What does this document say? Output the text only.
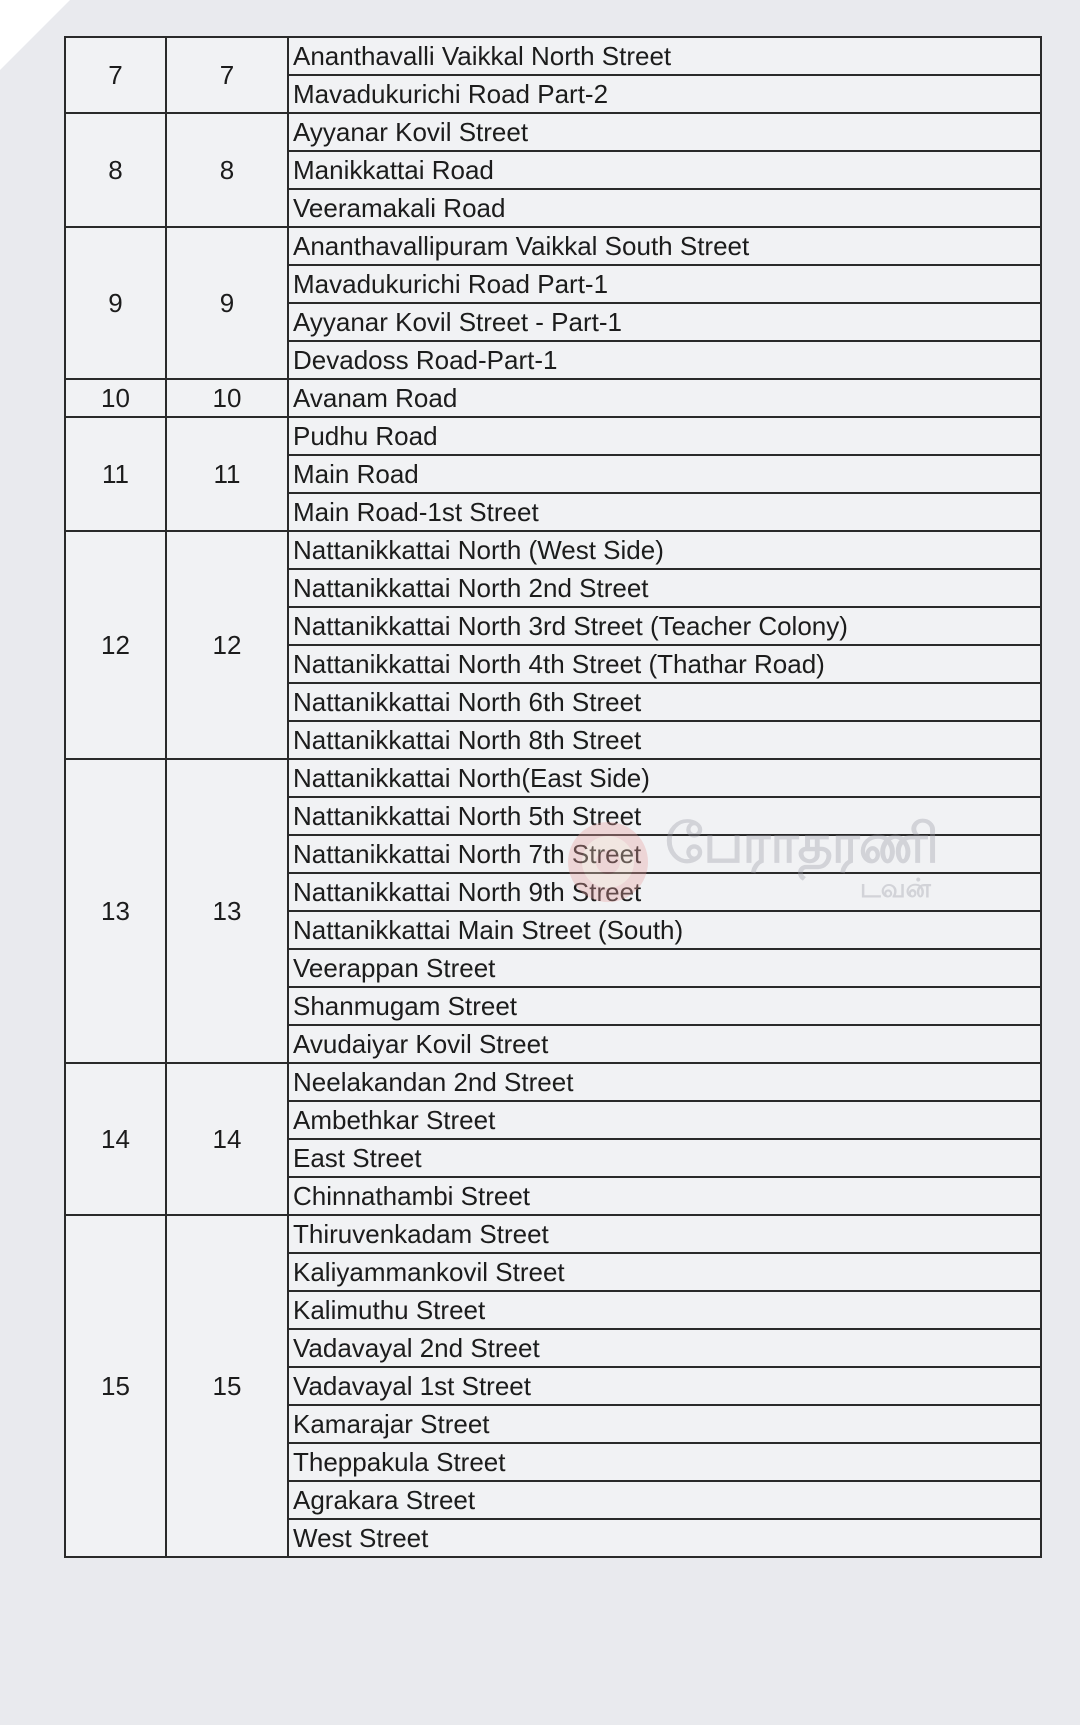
7	7	Ananthavalli Vaikkal North Street
		Mavadukurichi Road Part-2
8	8	Ayyanar Kovil Street
		Manikkattai Road
		Veeramakali Road
9	9	Ananthavallipuram Vaikkal South Street
		Mavadukurichi Road Part-1
		Ayyanar Kovil Street - Part-1
		Devadoss Road-Part-1
10	10	Avanam Road
11	11	Pudhu Road
		Main Road
		Main Road-1st Street
12	12	Nattanikkattai North (West Side)
		Nattanikkattai North 2nd Street
		Nattanikkattai North 3rd Street (Teacher Colony)
		Nattanikkattai North 4th Street (Thathar Road)
		Nattanikkattai North 6th Street
		Nattanikkattai North 8th Street
13	13	Nattanikkattai North(East Side)
		Nattanikkattai North 5th Street
		Nattanikkattai North 7th Street
		Nattanikkattai North 9th Street
		Nattanikkattai Main Street (South)
		Veerappan Street
		Shanmugam Street
		Avudaiyar Kovil Street
14	14	Neelakandan 2nd Street
		Ambethkar Street
		East Street
		Chinnathambi Street
15	15	Thiruvenkadam Street
		Kaliyammankovil Street
		Kalimuthu Street
		Vadavayal 2nd Street
		Vadavayal 1st Street
		Kamarajar Street
		Theppakula Street
		Agrakara Street
		West Street
பேராதரணி
டவன்
